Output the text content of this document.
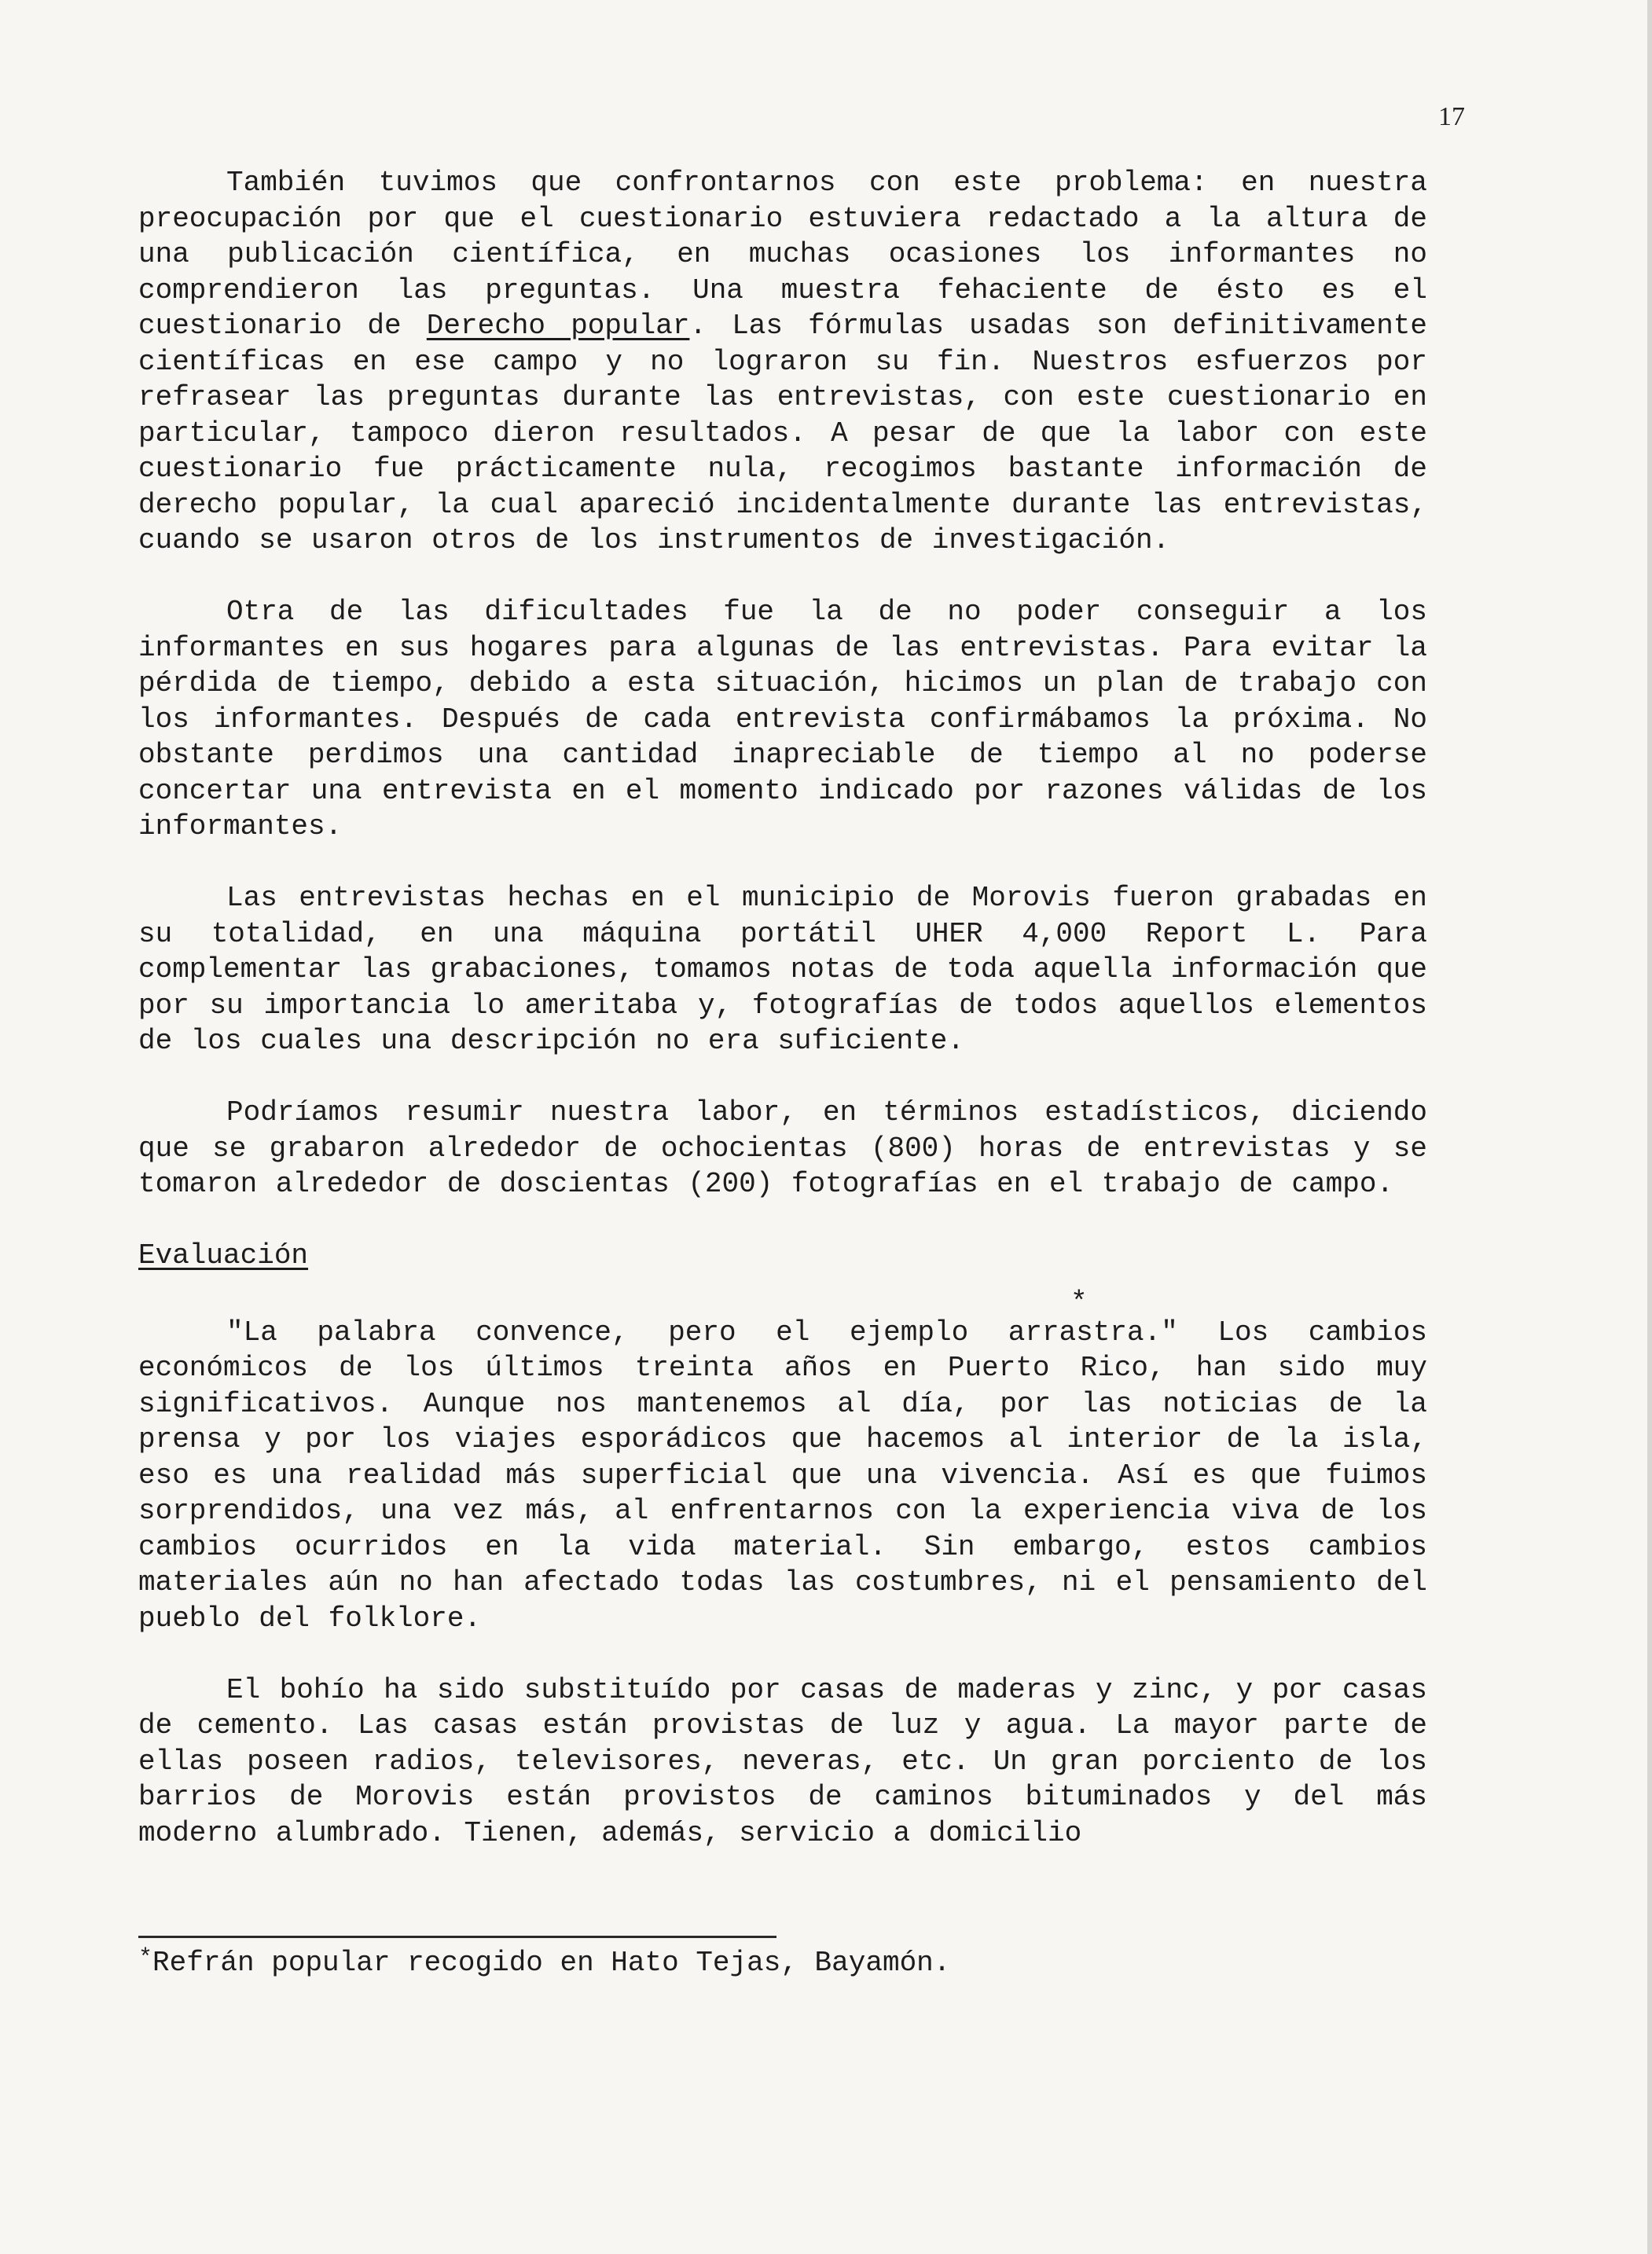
17

También tuvimos que confrontarnos con este problema: en nuestra preocupación por que el cuestionario estuviera redactado a la altura de una publicación científica, en muchas ocasiones los informantes no comprendieron las preguntas. Una muestra fehaciente de ésto es el cuestionario de Derecho popular. Las fórmulas usadas son definitivamente científicas en ese campo y no lograron su fin. Nuestros esfuerzos por refrasear las preguntas durante las entrevistas, con este cuestionario en particular, tampoco dieron resultados. A pesar de que la labor con este cuestionario fue prácticamente nula, recogimos bastante información de derecho popular, la cual apareció incidentalmente durante las entrevistas, cuando se usaron otros de los instrumentos de investigación.

Otra de las dificultades fue la de no poder conseguir a los informantes en sus hogares para algunas de las entrevistas. Para evitar la pérdida de tiempo, debido a esta situación, hicimos un plan de trabajo con los informantes. Después de cada entrevista confirmábamos la próxima. No obstante perdimos una cantidad inapreciable de tiempo al no poderse concertar una entrevista en el momento indicado por razones válidas de los informantes.

Las entrevistas hechas en el municipio de Morovis fueron grabadas en su totalidad, en una máquina portátil UHER 4,000 Report L. Para complementar las grabaciones, tomamos notas de toda aquella información que por su importancia lo ameritaba y, fotografías de todos aquellos elementos de los cuales una descripción no era suficiente.

Podríamos resumir nuestra labor, en términos estadísticos, diciendo que se grabaron alrededor de ochocientas (800) horas de entrevistas y se tomaron alrededor de doscientas (200) fotografías en el trabajo de campo.

Evaluación

*

"La palabra convence, pero el ejemplo arrastra." Los cambios económicos de los últimos treinta años en Puerto Rico, han sido muy significativos. Aunque nos mantenemos al día, por las noticias de la prensa y por los viajes esporádicos que hacemos al interior de la isla, eso es una realidad más superficial que una vivencia. Así es que fuimos sorprendidos, una vez más, al enfrentarnos con la experiencia viva de los cambios ocurridos en la vida material. Sin embargo, estos cambios materiales aún no han afectado todas las costumbres, ni el pensamiento del pueblo del folklore.

El bohío ha sido substituído por casas de maderas y zinc, y por casas de cemento. Las casas están provistas de luz y agua. La mayor parte de ellas poseen radios, televisores, neveras, etc. Un gran porciento de los barrios de Morovis están provistos de caminos bituminados y del más moderno alumbrado. Tienen, además, servicio a domicilio

*Refrán popular recogido en Hato Tejas, Bayamón.
